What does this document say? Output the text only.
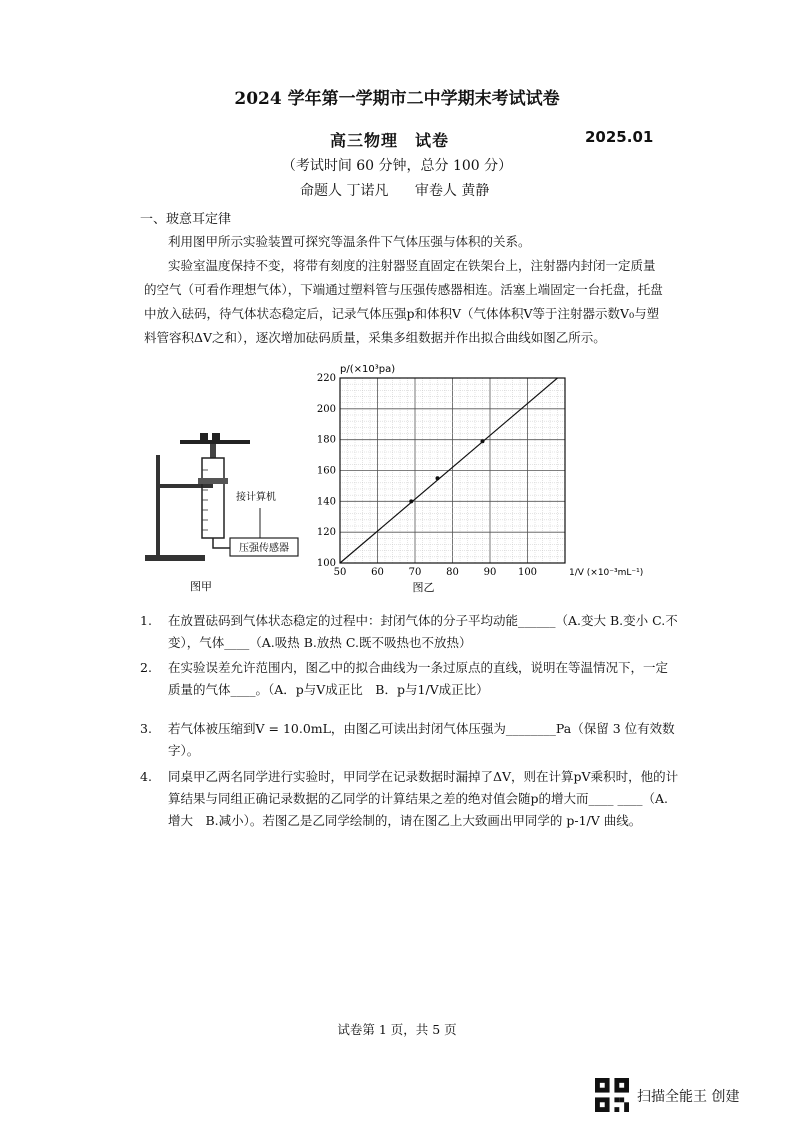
2024 学年第一学期市二中学期末考试试卷
高三物理　试卷	2025.01
（考试时间 60 分钟，总分 100 分）
命题人 丁诺凡 审卷人 黄静
一、玻意耳定律

利用图甲所示实验装置可探究等温条件下气体压强与体积的关系。

实验室温度保持不变，将带有刻度的注射器竖直固定在铁架台上，注射器内封闭一定质量的空气（可看作理想气体），下端通过塑料管与压强传感器相连。活塞上端固定一台托盘，托盘中放入砝码，待气体状态稳定后，记录气体压强p和体积V（气体体积V等于注射器示数V₀与塑料管容积ΔV之和），逐次增加砝码质量，采集多组数据并作出拟合曲线如图乙所示。

压强传感器
接计算机
图甲
50 60 70 80 90 100
100
120
140
160
180
200
220
p/(×10³pa)
1/V (×10⁻³mL⁻¹)
图乙
1. 在放置砝码到气体状态稳定的过程中：封闭气体的分子平均动能______（A.变大 B.变小 C.不变），气体____（A.吸热 B.放热 C.既不吸热也不放热）
2. 在实验误差允许范围内，图乙中的拟合曲线为一条过原点的直线，说明在等温情况下，一定质量的气体____。（A．p与V成正比　B．p与1/V成正比）
3. 若气体被压缩到V = 10.0mL，由图乙可读出封闭气体压强为________Pa（保留 3 位有效数字）。
4. 同桌甲乙两名同学进行实验时，甲同学在记录数据时漏掉了ΔV，则在计算pV乘积时，他的计算结果与同组正确记录数据的乙同学的计算结果之差的绝对值会随p的增大而____ ____（A.增大　B.减小）。若图乙是乙同学绘制的，请在图乙上大致画出甲同学的 p-1/V 曲线。
试卷第 1 页，共 5 页
扫描全能王 创建
